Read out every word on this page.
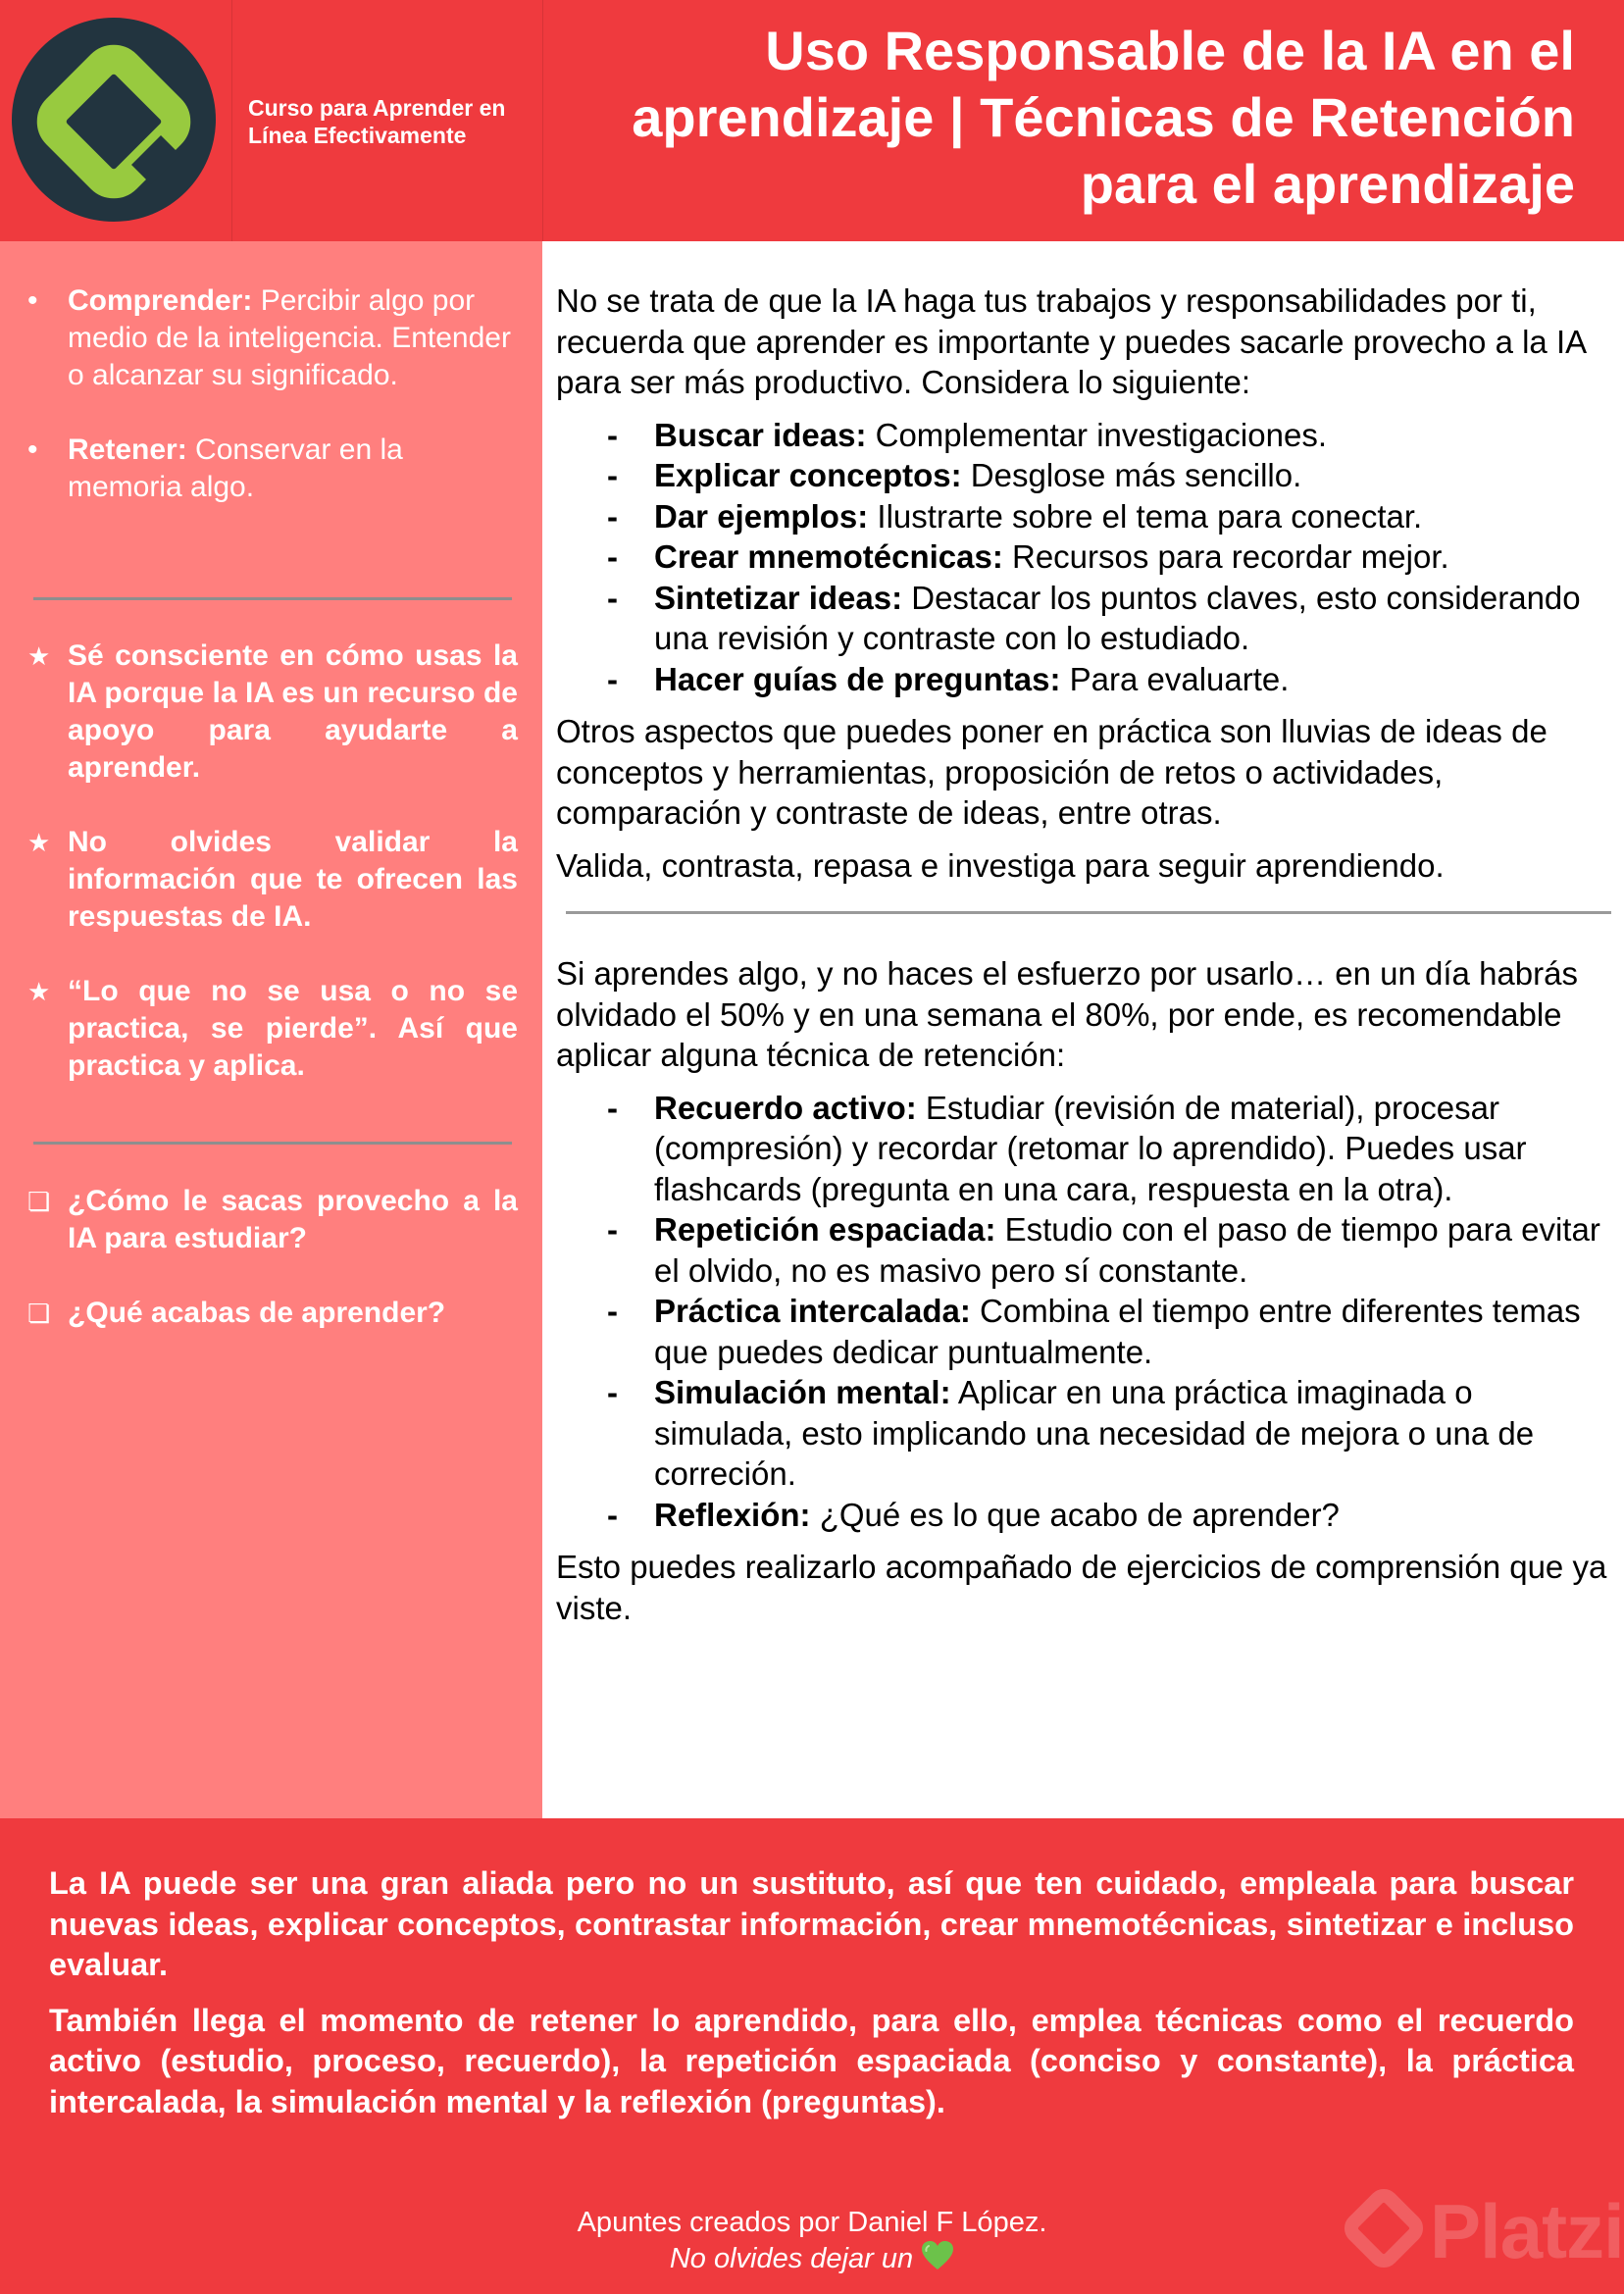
Curso para Aprender en Línea Efectivamente
Uso Responsable de la IA en el aprendizaje | Técnicas de Retención para el aprendizaje
•	Comprender: Percibir algo por medio de la inteligencia. Entender o alcanzar su significado.
•	Retener: Conservar en la memoria algo.
★ Sé consciente en cómo usas la IA porque la IA es un recurso de apoyo para ayudarte a aprender.
★ No olvides validar la información que te ofrecen las respuestas de IA.
★ “Lo que no se usa o no se practica, se pierde”. Así que practica y aplica.
❏ ¿Cómo le sacas provecho a la IA para estudiar?
❏ ¿Qué acabas de aprender?

No se trata de que la IA haga tus trabajos y responsabilidades por ti, recuerda que aprender es importante y puedes sacarle provecho a la IA para ser más productivo. Considera lo siguiente:

- Buscar ideas: Complementar investigaciones.
- Explicar conceptos: Desglose más sencillo.
- Dar ejemplos: Ilustrarte sobre el tema para conectar.
- Crear mnemotécnicas: Recursos para recordar mejor.
- Sintetizar ideas: Destacar los puntos claves, esto considerando una revisión y contraste con lo estudiado.
- Hacer guías de preguntas: Para evaluarte.

Otros aspectos que puedes poner en práctica son lluvias de ideas de conceptos y herramientas, proposición de retos o actividades, comparación y contraste de ideas, entre otras.

Valida, contrasta, repasa e investiga para seguir aprendiendo.

Si aprendes algo, y no haces el esfuerzo por usarlo… en un día habrás olvidado el 50% y en una semana el 80%, por ende, es recomendable aplicar alguna técnica de retención:

- Recuerdo activo: Estudiar (revisión de material), procesar (compresión) y recordar (retomar lo aprendido). Puedes usar flashcards (pregunta en una cara, respuesta en la otra).
- Repetición espaciada: Estudio con el paso de tiempo para evitar el olvido, no es masivo pero sí constante.
- Práctica intercalada: Combina el tiempo entre diferentes temas que puedes dedicar puntualmente.
- Simulación mental: Aplicar en una práctica imaginada o simulada, esto implicando una necesidad de mejora o una de correción.
- Reflexión: ¿Qué es lo que acabo de aprender?

Esto puedes realizarlo acompañado de ejercicios de comprensión que ya viste.

La IA puede ser una gran aliada pero no un sustituto, así que ten cuidado, empleala para buscar nuevas ideas, explicar conceptos, contrastar información, crear mnemotécnicas, sintetizar e incluso evaluar.

También llega el momento de retener lo aprendido, para ello, emplea técnicas como el recuerdo activo (estudio, proceso, recuerdo), la repetición espaciada (conciso y constante), la práctica intercalada, la simulación mental y la reflexión (preguntas).

Platzi
Apuntes creados por Daniel F López.
No olvides dejar un
